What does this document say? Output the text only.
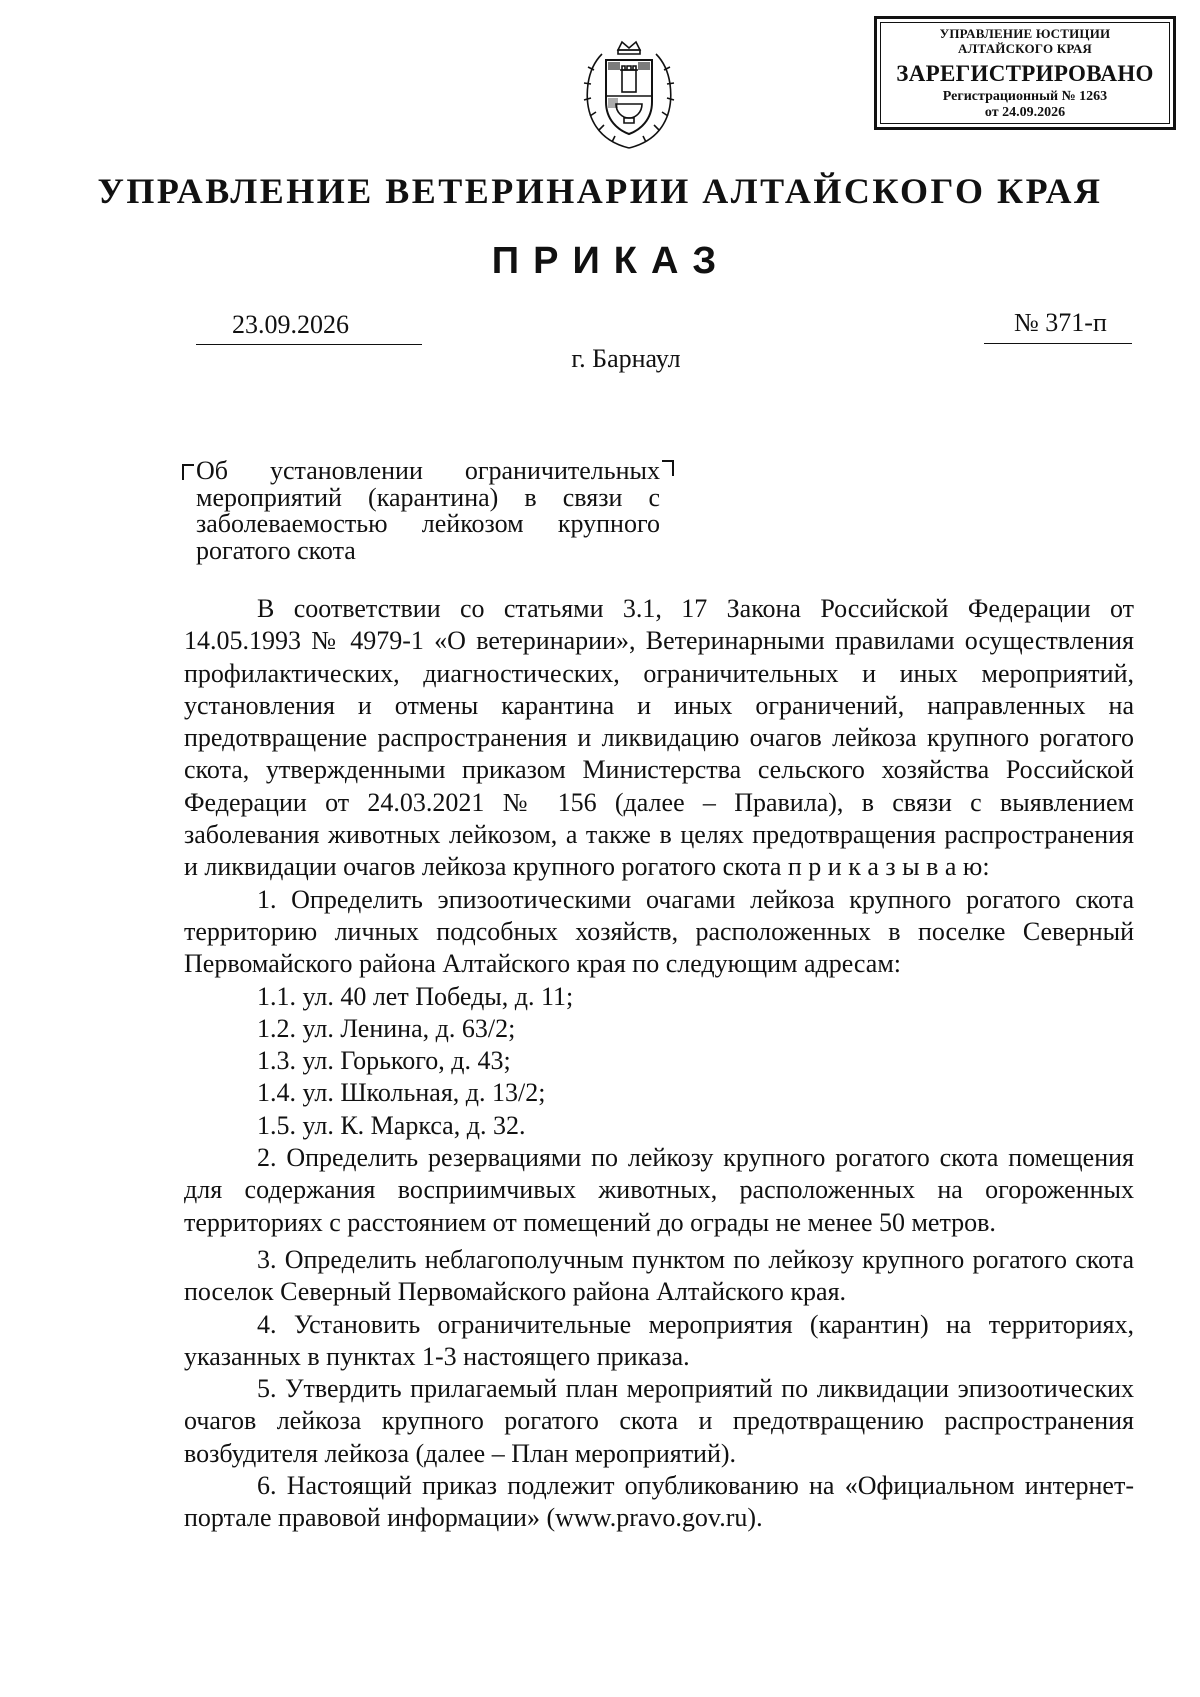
УПРАВЛЕНИЕ ЮСТИЦИИ
АЛТАЙСКОГО КРАЯ
ЗАРЕГИСТРИРОВАНО
Регистрационный № 1263
от 24.09.2026
УПРАВЛЕНИЕ ВЕТЕРИНАРИИ АЛТАЙСКОГО КРАЯ
ПРИКАЗ
23.09.2026	№ 371-п
г. Барнаул
Об установлении ограничительных мероприятий (карантина) в связи с заболеваемостью лейкозом крупного рогатого скота

В соответствии со статьями 3.1, 17 Закона Российской Федерации от 14.05.1993 № 4979-1 «О ветеринарии», Ветеринарными правилами осуществления профилактических, диагностических, ограничительных и иных мероприятий, установления и отмены карантина и иных ограничений, направленных на предотвращение распространения и ликвидацию очагов лейкоза крупного рогатого скота, утвержденными приказом Министерства сельского хозяйства Российской Федерации от 24.03.2021 № 156 (далее – Правила), в связи с выявлением заболевания животных лейкозом, а также в целях предотвращения распространения и ликвидации очагов лейкоза крупного рогатого скота п р и к а з ы в а ю:

1. Определить эпизоотическими очагами лейкоза крупного рогатого скота территорию личных подсобных хозяйств, расположенных в поселке Северный Первомайского района Алтайского края по следующим адресам:

1.1. ул. 40 лет Победы, д. 11;

1.2. ул. Ленина, д. 63/2;

1.3. ул. Горького, д. 43;

1.4. ул. Школьная, д. 13/2;

1.5. ул. К. Маркса, д. 32.

2. Определить резервациями по лейкозу крупного рогатого скота помещения для содержания восприимчивых животных, расположенных на огороженных территориях с расстоянием от помещений до ограды не менее 50 метров.

3. Определить неблагополучным пунктом по лейкозу крупного рогатого скота поселок Северный Первомайского района Алтайского края.

4. Установить ограничительные мероприятия (карантин) на территориях, указанных в пунктах 1-3 настоящего приказа.

5. Утвердить прилагаемый план мероприятий по ликвидации эпизоотических очагов лейкоза крупного рогатого скота и предотвращению распространения возбудителя лейкоза (далее – План мероприятий).

6. Настоящий приказ подлежит опубликованию на «Официальном интернет-портале правовой информации» (www.pravo.gov.ru).
